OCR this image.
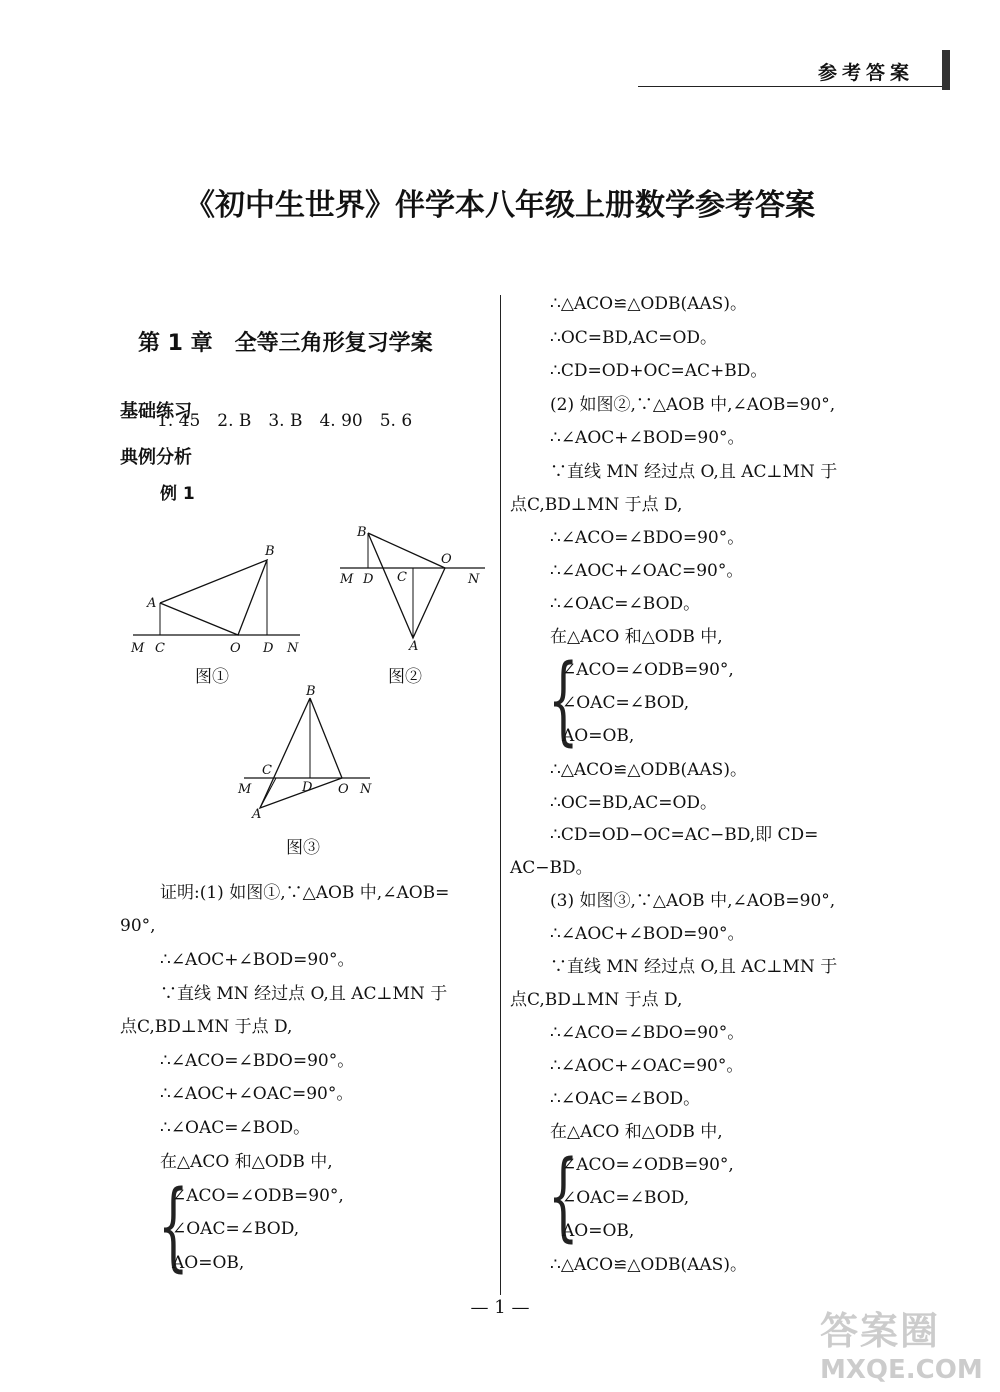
参考答案
《初中生世界》伴学本八年级上册数学参考答案
第 1 章　全等三角形复习学案
基础练习
1. 45　2. B　3. B　4. 90　5. 6
典例分析
例 1
A
B
M C	O D N
图①
B
O
M D C	N
A
图②
B
C
M	D O N
A
图③
证明:(1) 如图①,∵△AOB 中,∠AOB=
90°,
∴∠AOC+∠BOD=90°。
∵直线 MN 经过点 O,且 AC⊥MN 于
点C,BD⊥MN 于点 D,
∴∠ACO=∠BDO=90°。
∴∠AOC+∠OAC=90°。
∴∠OAC=∠BOD。
在△ACO 和△ODB 中,
{
∠ACO=∠ODB=90°,
∠OAC=∠BOD,
AO=OB,
∴△ACO≌△ODB(AAS)。
∴OC=BD,AC=OD。
∴CD=OD+OC=AC+BD。
(2) 如图②,∵△AOB 中,∠AOB=90°,
∴∠AOC+∠BOD=90°。
∵直线 MN 经过点 O,且 AC⊥MN 于
点C,BD⊥MN 于点 D,
∴∠ACO=∠BDO=90°。
∴∠AOC+∠OAC=90°。
∴∠OAC=∠BOD。
在△ACO 和△ODB 中,
{
∠ACO=∠ODB=90°,
∠OAC=∠BOD,
AO=OB,
∴△ACO≌△ODB(AAS)。
∴OC=BD,AC=OD。
∴CD=OD−OC=AC−BD,即 CD=
AC−BD。
(3) 如图③,∵△AOB 中,∠AOB=90°,
∴∠AOC+∠BOD=90°。
∵直线 MN 经过点 O,且 AC⊥MN 于
点C,BD⊥MN 于点 D,
∴∠ACO=∠BDO=90°。
∴∠AOC+∠OAC=90°。
∴∠OAC=∠BOD。
在△ACO 和△ODB 中,
{
∠ACO=∠ODB=90°,
∠OAC=∠BOD,
AO=OB,
∴△ACO≌△ODB(AAS)。
— 1 —
答案圈
MXQE.COM
